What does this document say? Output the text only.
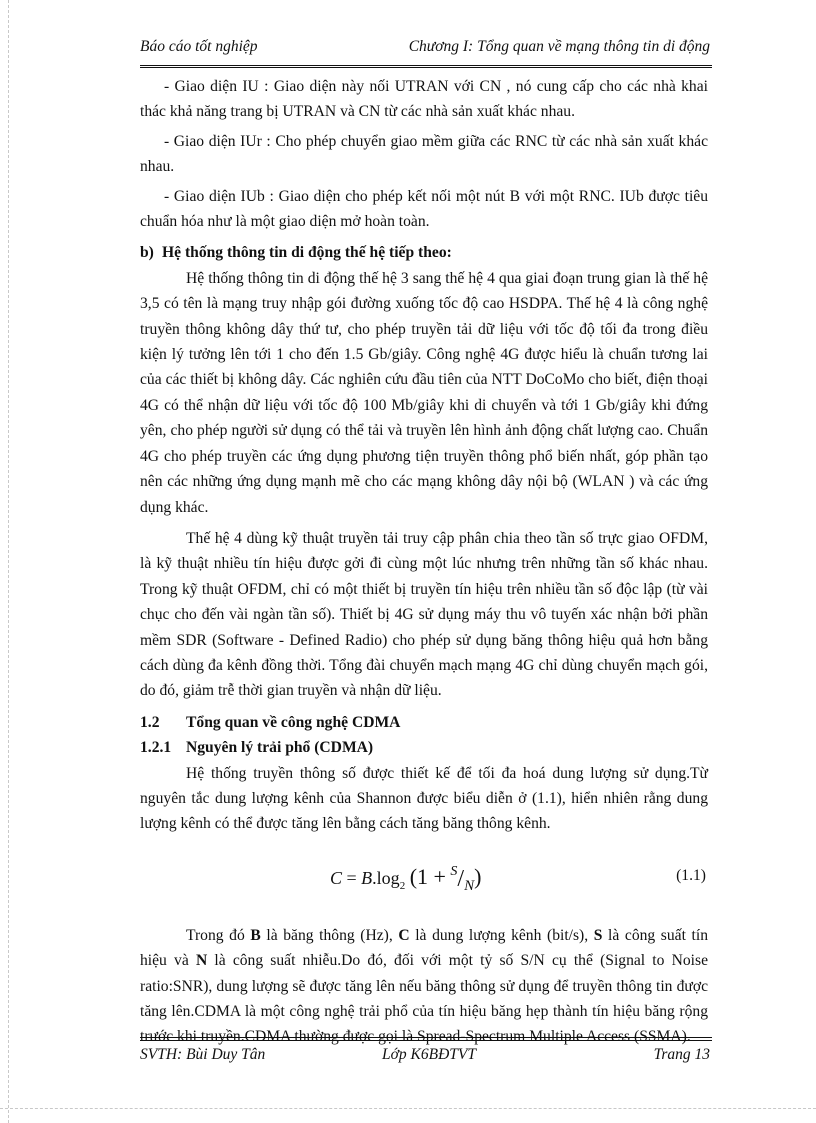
Báo cáo tốt nghiệp	Chương I: Tổng quan về mạng thông tin di động

- Giao diện IU : Giao diện này nối UTRAN với CN , nó cung cấp cho các nhà khai thác khả năng trang bị UTRAN và CN từ các nhà sản xuất khác nhau.

- Giao diện IUr : Cho phép chuyển giao mềm giữa các RNC từ các nhà sản xuất khác nhau.

- Giao diện IUb : Giao diện cho phép kết nối một nút B với một RNC. IUb được tiêu chuẩn hóa như là một giao diện mở hoàn toàn.

b) Hệ thống thông tin di động thế hệ tiếp theo:

Hệ thống thông tin di động thế hệ 3 sang thế hệ 4 qua giai đoạn trung gian là thế hệ 3,5 có tên là mạng truy nhập gói đường xuống tốc độ cao HSDPA. Thế hệ 4 là công nghệ truyền thông không dây thứ tư, cho phép truyền tải dữ liệu với tốc độ tối đa trong điều kiện lý tưởng lên tới 1 cho đến 1.5 Gb/giây. Công nghệ 4G được hiểu là chuẩn tương lai của các thiết bị không dây. Các nghiên cứu đầu tiên của NTT DoCoMo cho biết, điện thoại 4G có thể nhận dữ liệu với tốc độ 100 Mb/giây khi di chuyển và tới 1 Gb/giây khi đứng yên, cho phép người sử dụng có thể tải và truyền lên hình ảnh động chất lượng cao. Chuẩn 4G cho phép truyền các ứng dụng phương tiện truyền thông phổ biến nhất, góp phần tạo nên các những ứng dụng mạnh mẽ cho các mạng không dây nội bộ (WLAN ) và các ứng dụng khác.

Thế hệ 4 dùng kỹ thuật truyền tải truy cập phân chia theo tần số trực giao OFDM, là kỹ thuật nhiều tín hiệu được gởi đi cùng một lúc nhưng trên những tần số khác nhau. Trong kỹ thuật OFDM, chỉ có một thiết bị truyền tín hiệu trên nhiều tần số độc lập (từ vài chục cho đến vài ngàn tần số). Thiết bị 4G sử dụng máy thu vô tuyến xác nhận bởi phần mềm SDR (Software - Defined Radio) cho phép sử dụng băng thông hiệu quả hơn bằng cách dùng đa kênh đồng thời. Tổng đài chuyển mạch mạng 4G chỉ dùng chuyển mạch gói, do đó, giảm trễ thời gian truyền và nhận dữ liệu.

1.2 Tổng quan về công nghệ CDMA

1.2.1 Nguyên lý trải phổ (CDMA)

Hệ thống truyền thông số được thiết kế để tối đa hoá dung lượng sử dụng.Từ nguyên tắc dung lượng kênh của Shannon được biểu diễn ở (1.1), hiển nhiên rằng dung lượng kênh có thể được tăng lên bằng cách tăng băng thông kênh.

$C = B.\log_2$ $(1 + ^S/_N)$	(1.1)

Trong đó B là băng thông (Hz), C là dung lượng kênh (bit/s), S là công suất tín hiệu và N là công suất nhiễu.Do đó, đối với một tỷ số S/N cụ thể (Signal to Noise ratio:SNR), dung lượng sẽ được tăng lên nếu băng thông sử dụng để truyền thông tin được tăng lên.CDMA là một công nghệ trải phổ của tín hiệu băng hẹp thành tín hiệu băng rộng trước khi truyền.CDMA thường được gọi là Spread-Spectrum Multiple Access (SSMA).

SVTH: Bùi Duy Tân	Lớp K6BĐTVT	Trang 13
